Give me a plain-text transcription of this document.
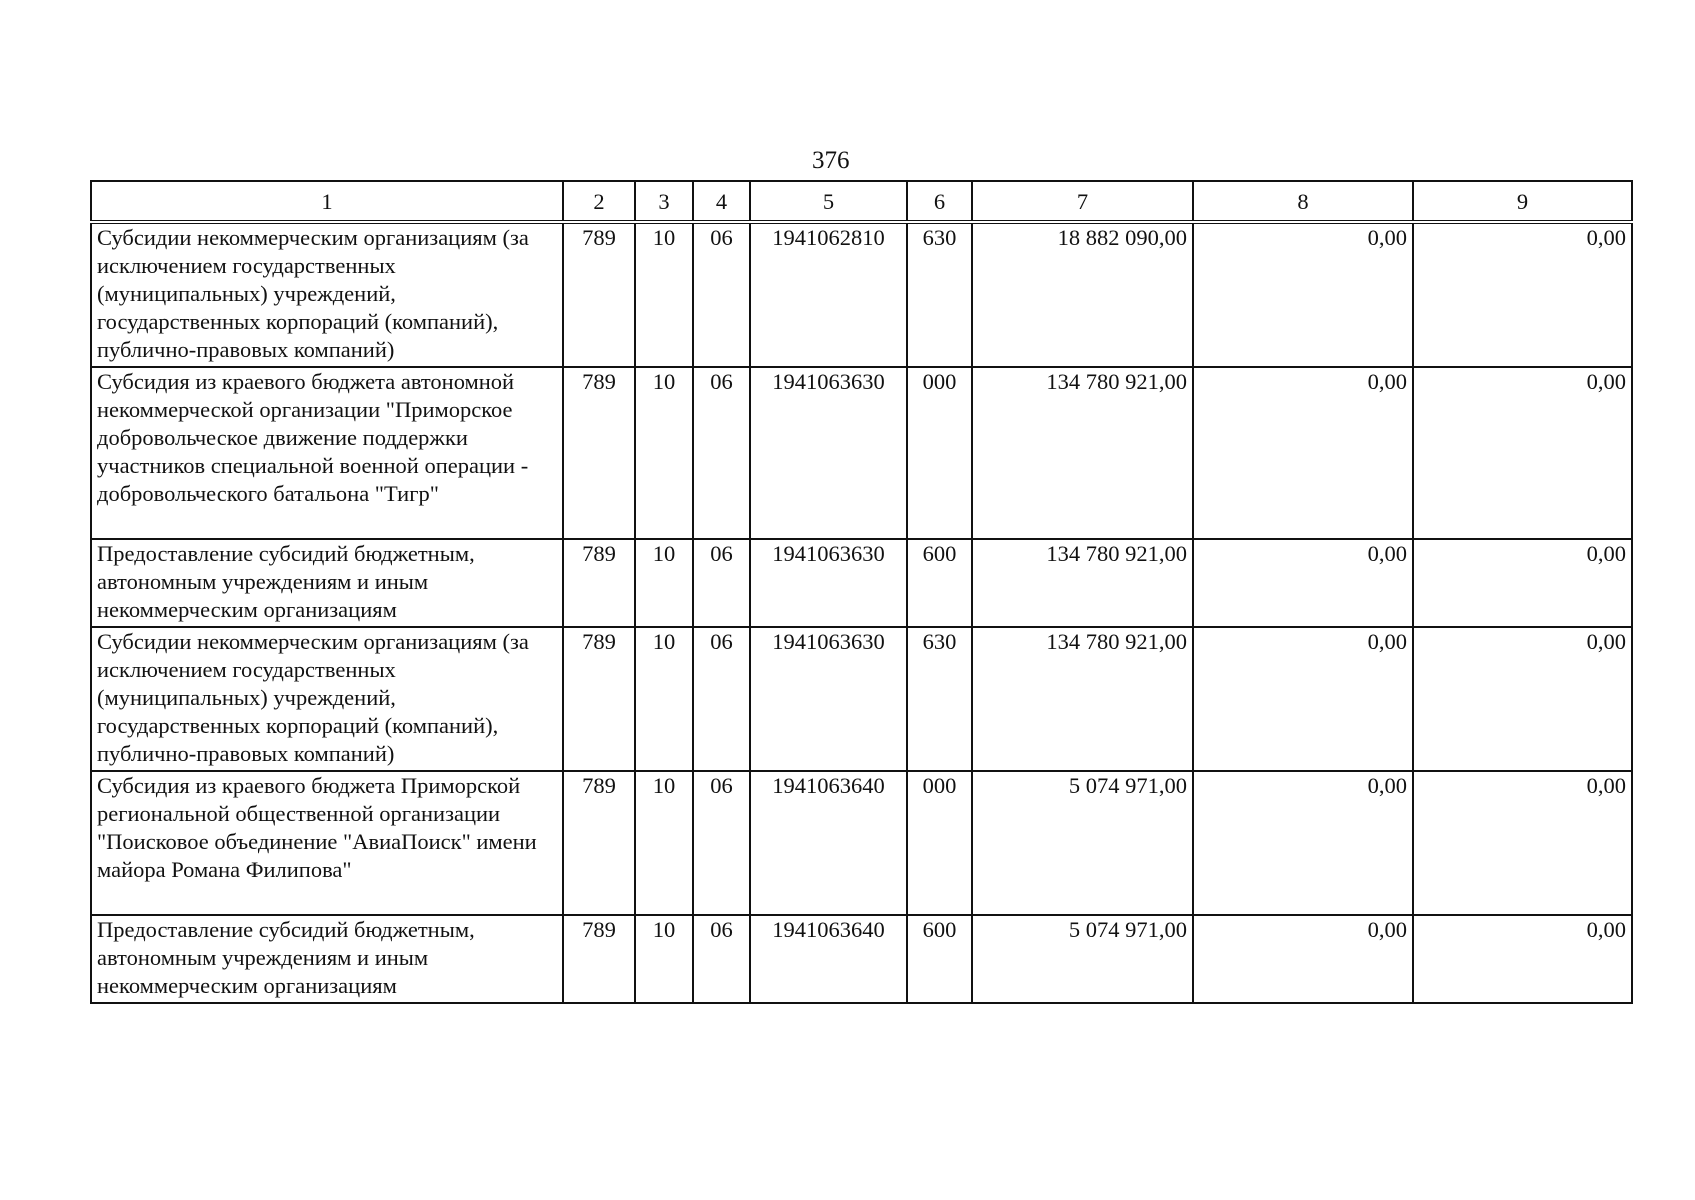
376
1	2	3	4	5	6	7	8	9
Субсидии некоммерческим организациям (за исключением государственных (муниципальных) учреждений, государственных корпораций (компаний), публично-правовых компаний)	789	10	06	1941062810	630	18 882 090,00	0,00	0,00
Субсидия из краевого бюджета автономной некоммерческой организации "Приморское добровольческое движение поддержки участников специальной военной операции - добровольческого батальона "Тигр"	789	10	06	1941063630	000	134 780 921,00	0,00	0,00
Предоставление субсидий бюджетным, автономным учреждениям и иным некоммерческим организациям	789	10	06	1941063630	600	134 780 921,00	0,00	0,00
Субсидии некоммерческим организациям (за исключением государственных (муниципальных) учреждений, государственных корпораций (компаний), публично-правовых компаний)	789	10	06	1941063630	630	134 780 921,00	0,00	0,00
Субсидия из краевого бюджета Приморской региональной общественной организации "Поисковое объединение "АвиаПоиск" имени майора Романа Филипова"	789	10	06	1941063640	000	5 074 971,00	0,00	0,00
Предоставление субсидий бюджетным, автономным учреждениям и иным некоммерческим организациям	789	10	06	1941063640	600	5 074 971,00	0,00	0,00
